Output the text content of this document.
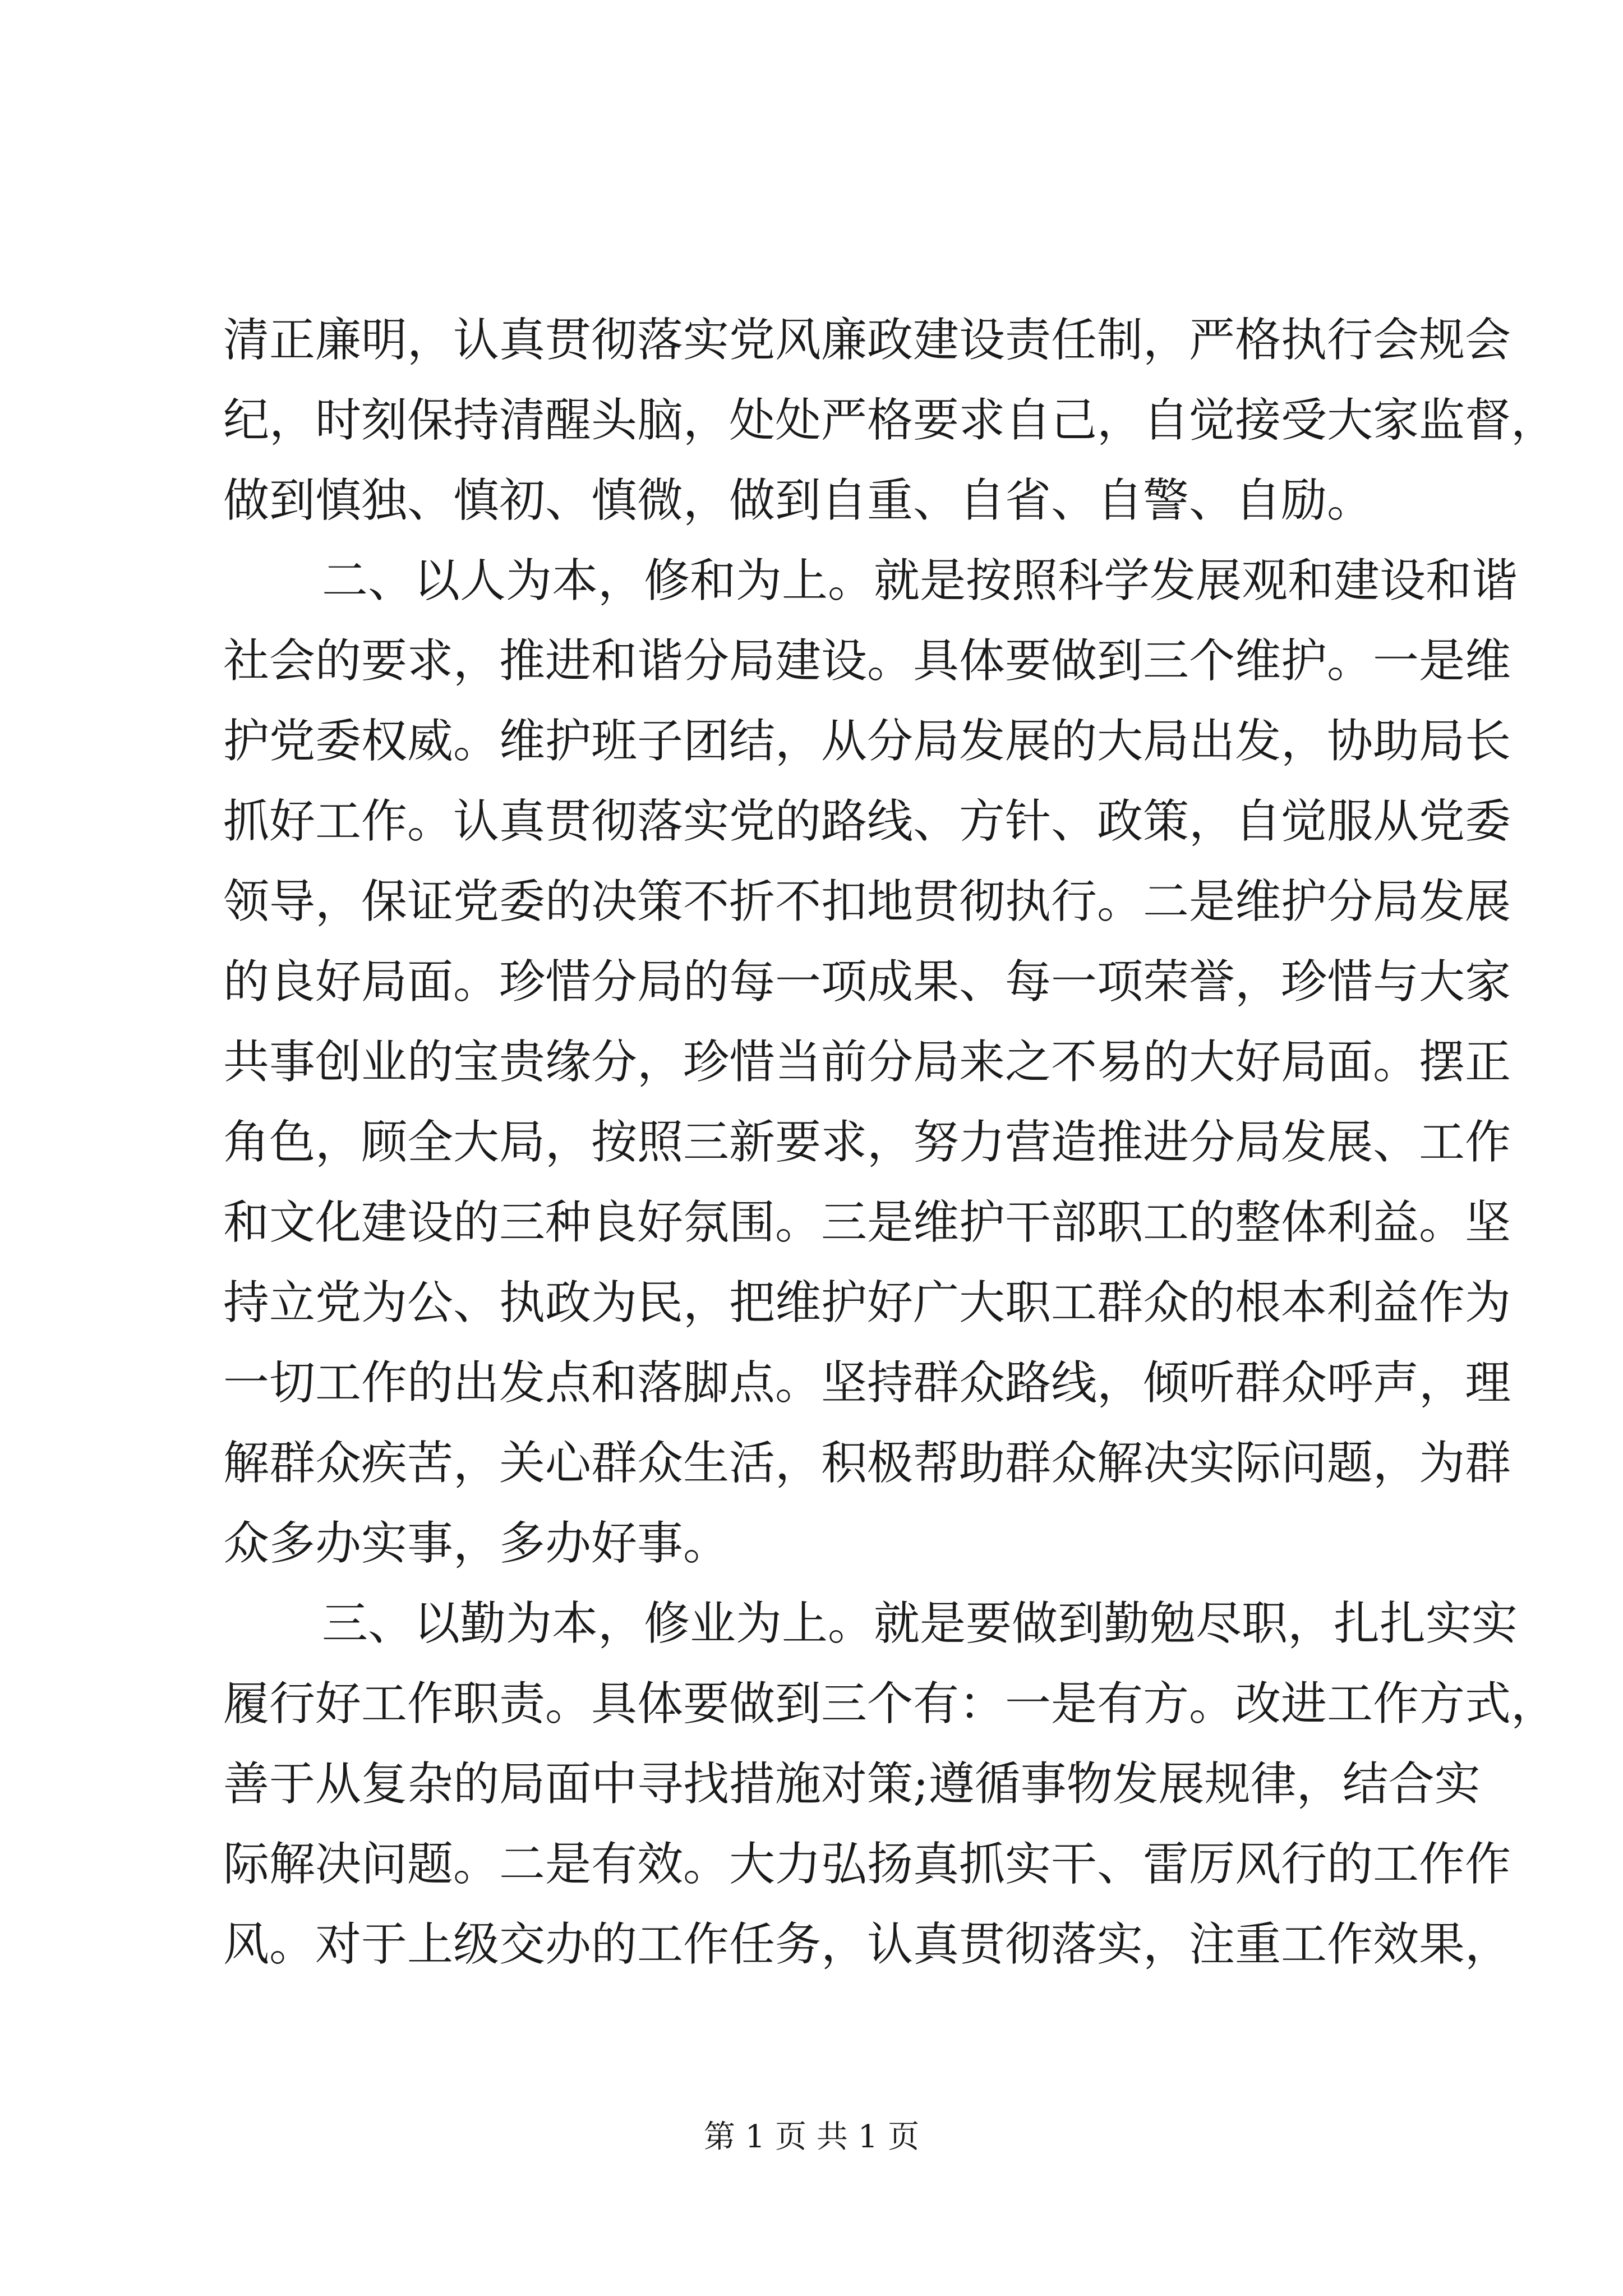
清正廉明，认真贯彻落实党风廉政建设责任制，严格执行会规会
纪，时刻保持清醒头脑，处处严格要求自己，自觉接受大家监督，
做到慎独、慎初、慎微，做到自重、自省、自警、自励。
二、以人为本，修和为上。就是按照科学发展观和建设和谐
社会的要求，推进和谐分局建设。具体要做到三个维护。一是维
护党委权威。维护班子团结，从分局发展的大局出发，协助局长
抓好工作。认真贯彻落实党的路线、方针、政策，自觉服从党委
领导，保证党委的决策不折不扣地贯彻执行。二是维护分局发展
的良好局面。珍惜分局的每一项成果、每一项荣誉，珍惜与大家
共事创业的宝贵缘分，珍惜当前分局来之不易的大好局面。摆正
角色，顾全大局，按照三新要求，努力营造推进分局发展、工作
和文化建设的三种良好氛围。三是维护干部职工的整体利益。坚
持立党为公、执政为民，把维护好广大职工群众的根本利益作为
一切工作的出发点和落脚点。坚持群众路线，倾听群众呼声，理
解群众疾苦，关心群众生活，积极帮助群众解决实际问题，为群
众多办实事，多办好事。
三、以勤为本，修业为上。就是要做到勤勉尽职，扎扎实实
履行好工作职责。具体要做到三个有：一是有方。改进工作方式，
善于从复杂的局面中寻找措施对策;遵循事物发展规律，结合实
际解决问题。二是有效。大力弘扬真抓实干、雷厉风行的工作作
风。对于上级交办的工作任务，认真贯彻落实，注重工作效果，
第 1 页 共 1 页
